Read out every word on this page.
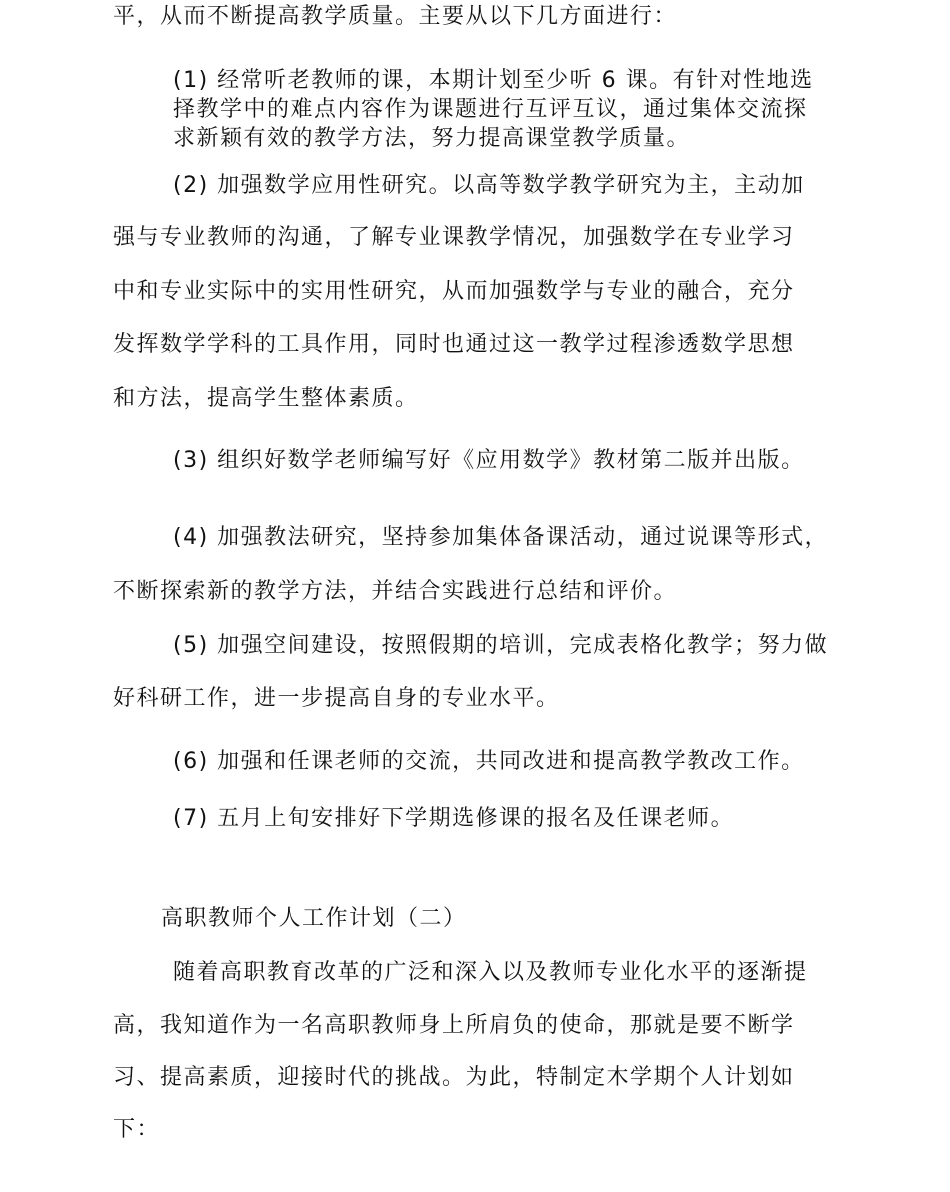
平，从而不断提高教学质量。主要从以下几方面进行：

(1) 经常听老教师的课，本期计划至少听 6 课。有针对性地选

择教学中的难点内容作为课题进行互评互议，通过集体交流探

求新颖有效的教学方法，努力提高课堂教学质量。

(2) 加强数学应用性研究。以高等数学教学研究为主，主动加

强与专业教师的沟通，了解专业课教学情况，加强数学在专业学习

中和专业实际中的实用性研究，从而加强数学与专业的融合，充分

发挥数学学科的工具作用，同时也通过这一教学过程渗透数学思想

和方法，提高学生整体素质。

(3) 组织好数学老师编写好《应用数学》教材第二版并出版。

(4) 加强教法研究，坚持参加集体备课活动，通过说课等形式，

不断探索新的教学方法，并结合实践进行总结和评价。

(5) 加强空间建设，按照假期的培训，完成表格化教学；努力做

好科研工作，进一步提高自身的专业水平。

(6) 加强和任课老师的交流，共同改进和提高教学教改工作。

(7) 五月上旬安排好下学期选修课的报名及任课老师。

高职教师个人工作计划（二）

随着高职教育改革的广泛和深入以及教师专业化水平的逐渐提

高，我知道作为一名高职教师身上所肩负的使命，那就是要不断学

习、提高素质，迎接时代的挑战。为此，特制定木学期个人计划如

下：
